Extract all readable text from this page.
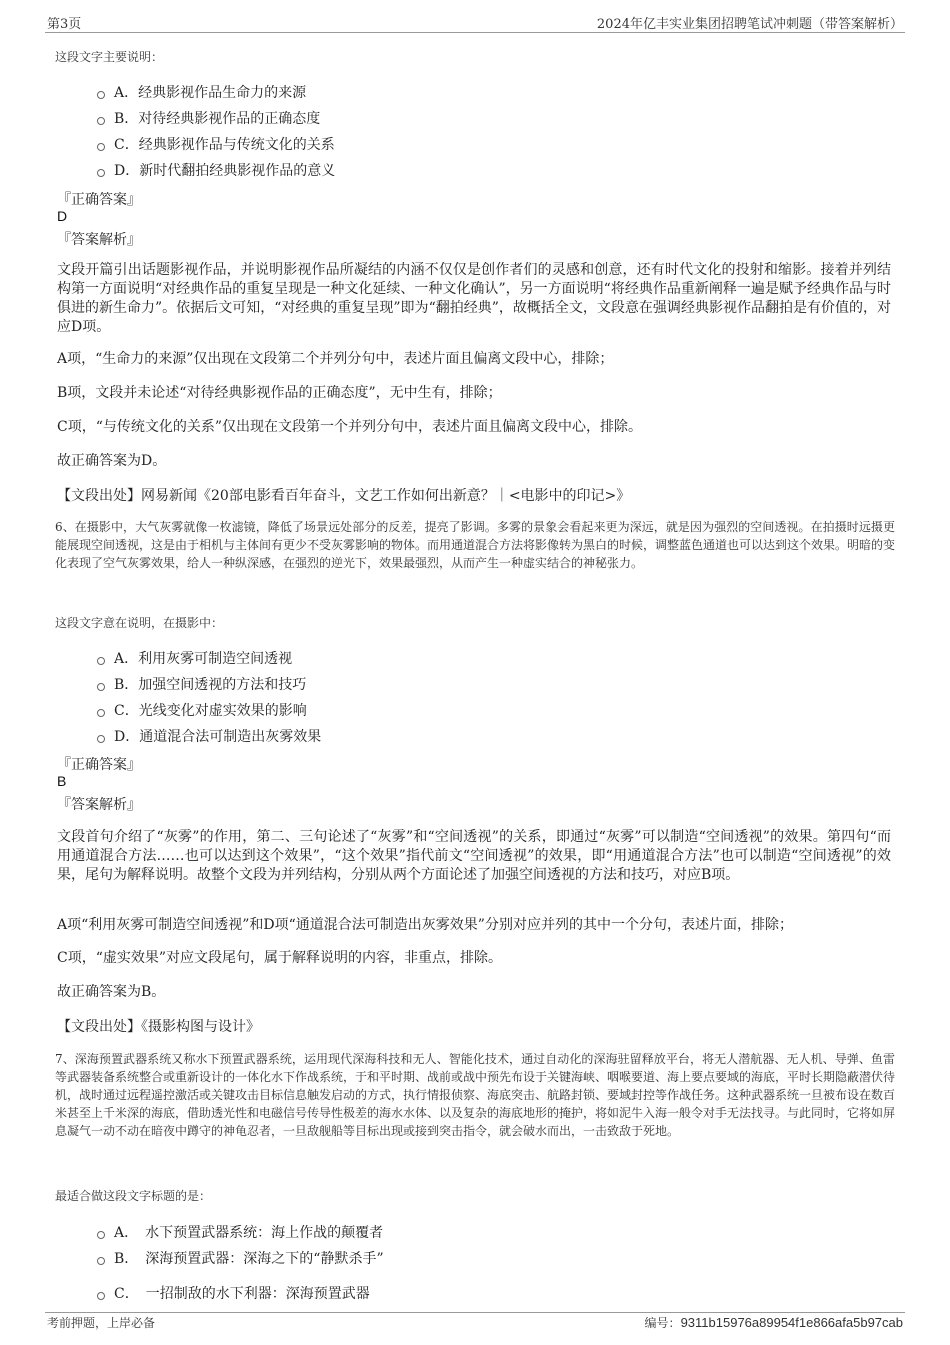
第3页	2024年亿丰实业集团招聘笔试冲刺题（带答案解析）
这段文字主要说明：
A．经典影视作品生命力的来源
B．对待经典影视作品的正确态度
C．经典影视作品与传统文化的关系
D．新时代翻拍经典影视作品的意义
『正确答案』
D
『答案解析』
文段开篇引出话题影视作品，并说明影视作品所凝结的内涵不仅仅是创作者们的灵感和创意，还有时代文化的投射和缩影。接着并列结构第一方面说明“对经典作品的重复呈现是一种文化延续、一种文化确认”，另一方面说明“将经典作品重新阐释一遍是赋予经典作品与时俱进的新生命力”。依据后文可知，“对经典的重复呈现”即为“翻拍经典”，故概括全文，文段意在强调经典影视作品翻拍是有价值的，对应D项。
A项，“生命力的来源”仅出现在文段第二个并列分句中，表述片面且偏离文段中心，排除；
B项，文段并未论述“对待经典影视作品的正确态度”，无中生有，排除；
C项，“与传统文化的关系”仅出现在文段第一个并列分句中，表述片面且偏离文段中心，排除。
故正确答案为D。
【文段出处】网易新闻《20部电影看百年奋斗，文艺工作如何出新意？｜<电影中的印记>》
6、在摄影中，大气灰雾就像一枚滤镜，降低了场景远处部分的反差，提亮了影调。多雾的景象会看起来更为深远，就是因为强烈的空间透视。在拍摄时远摄更能展现空间透视，这是由于相机与主体间有更少不受灰雾影响的物体。而用通道混合方法将影像转为黑白的时候，调整蓝色通道也可以达到这个效果。明暗的变化表现了空气灰雾效果，给人一种纵深感，在强烈的逆光下，效果最强烈，从而产生一种虚实结合的神秘张力。
这段文字意在说明，在摄影中：
A．利用灰雾可制造空间透视
B．加强空间透视的方法和技巧
C．光线变化对虚实效果的影响
D．通道混合法可制造出灰雾效果
『正确答案』
B
『答案解析』
文段首句介绍了“灰雾”的作用，第二、三句论述了“灰雾”和“空间透视”的关系，即通过“灰雾”可以制造“空间透视”的效果。第四句“而用通道混合方法……也可以达到这个效果”，“这个效果”指代前文“空间透视”的效果，即“用通道混合方法”也可以制造“空间透视”的效果，尾句为解释说明。故整个文段为并列结构，分别从两个方面论述了加强空间透视的方法和技巧，对应B项。
A项“利用灰雾可制造空间透视”和D项“通道混合法可制造出灰雾效果”分别对应并列的其中一个分句，表述片面，排除；
C项，“虚实效果”对应文段尾句，属于解释说明的内容，非重点，排除。
故正确答案为B。
【文段出处】《摄影构图与设计》
7、深海预置武器系统又称水下预置武器系统，运用现代深海科技和无人、智能化技术，通过自动化的深海驻留释放平台，将无人潜航器、无人机、导弹、鱼雷等武器装备系统整合或重新设计的一体化水下作战系统，于和平时期、战前或战中预先布设于关键海峡、咽喉要道、海上要点要域的海底，平时长期隐蔽潜伏待机，战时通过远程遥控激活或关键攻击目标信息触发启动的方式，执行情报侦察、海底突击、航路封锁、要域封控等作战任务。这种武器系统一旦被布设在数百米甚至上千米深的海底，借助透光性和电磁信号传导性极差的海水水体、以及复杂的海底地形的掩护，将如泥牛入海一般令对手无法找寻。与此同时，它将如屏息凝气一动不动在暗夜中蹲守的神龟忍者，一旦敌舰船等目标出现或接到突击指令，就会破水而出，一击致敌于死地。
最适合做这段文字标题的是：
A．　水下预置武器系统：海上作战的颠覆者
B．　深海预置武器：深海之下的“静默杀手”
C．　一招制敌的水下利器：深海预置武器
考前押题，上岸必备	编号：9311b15976a89954f1e866afa5b97cab
